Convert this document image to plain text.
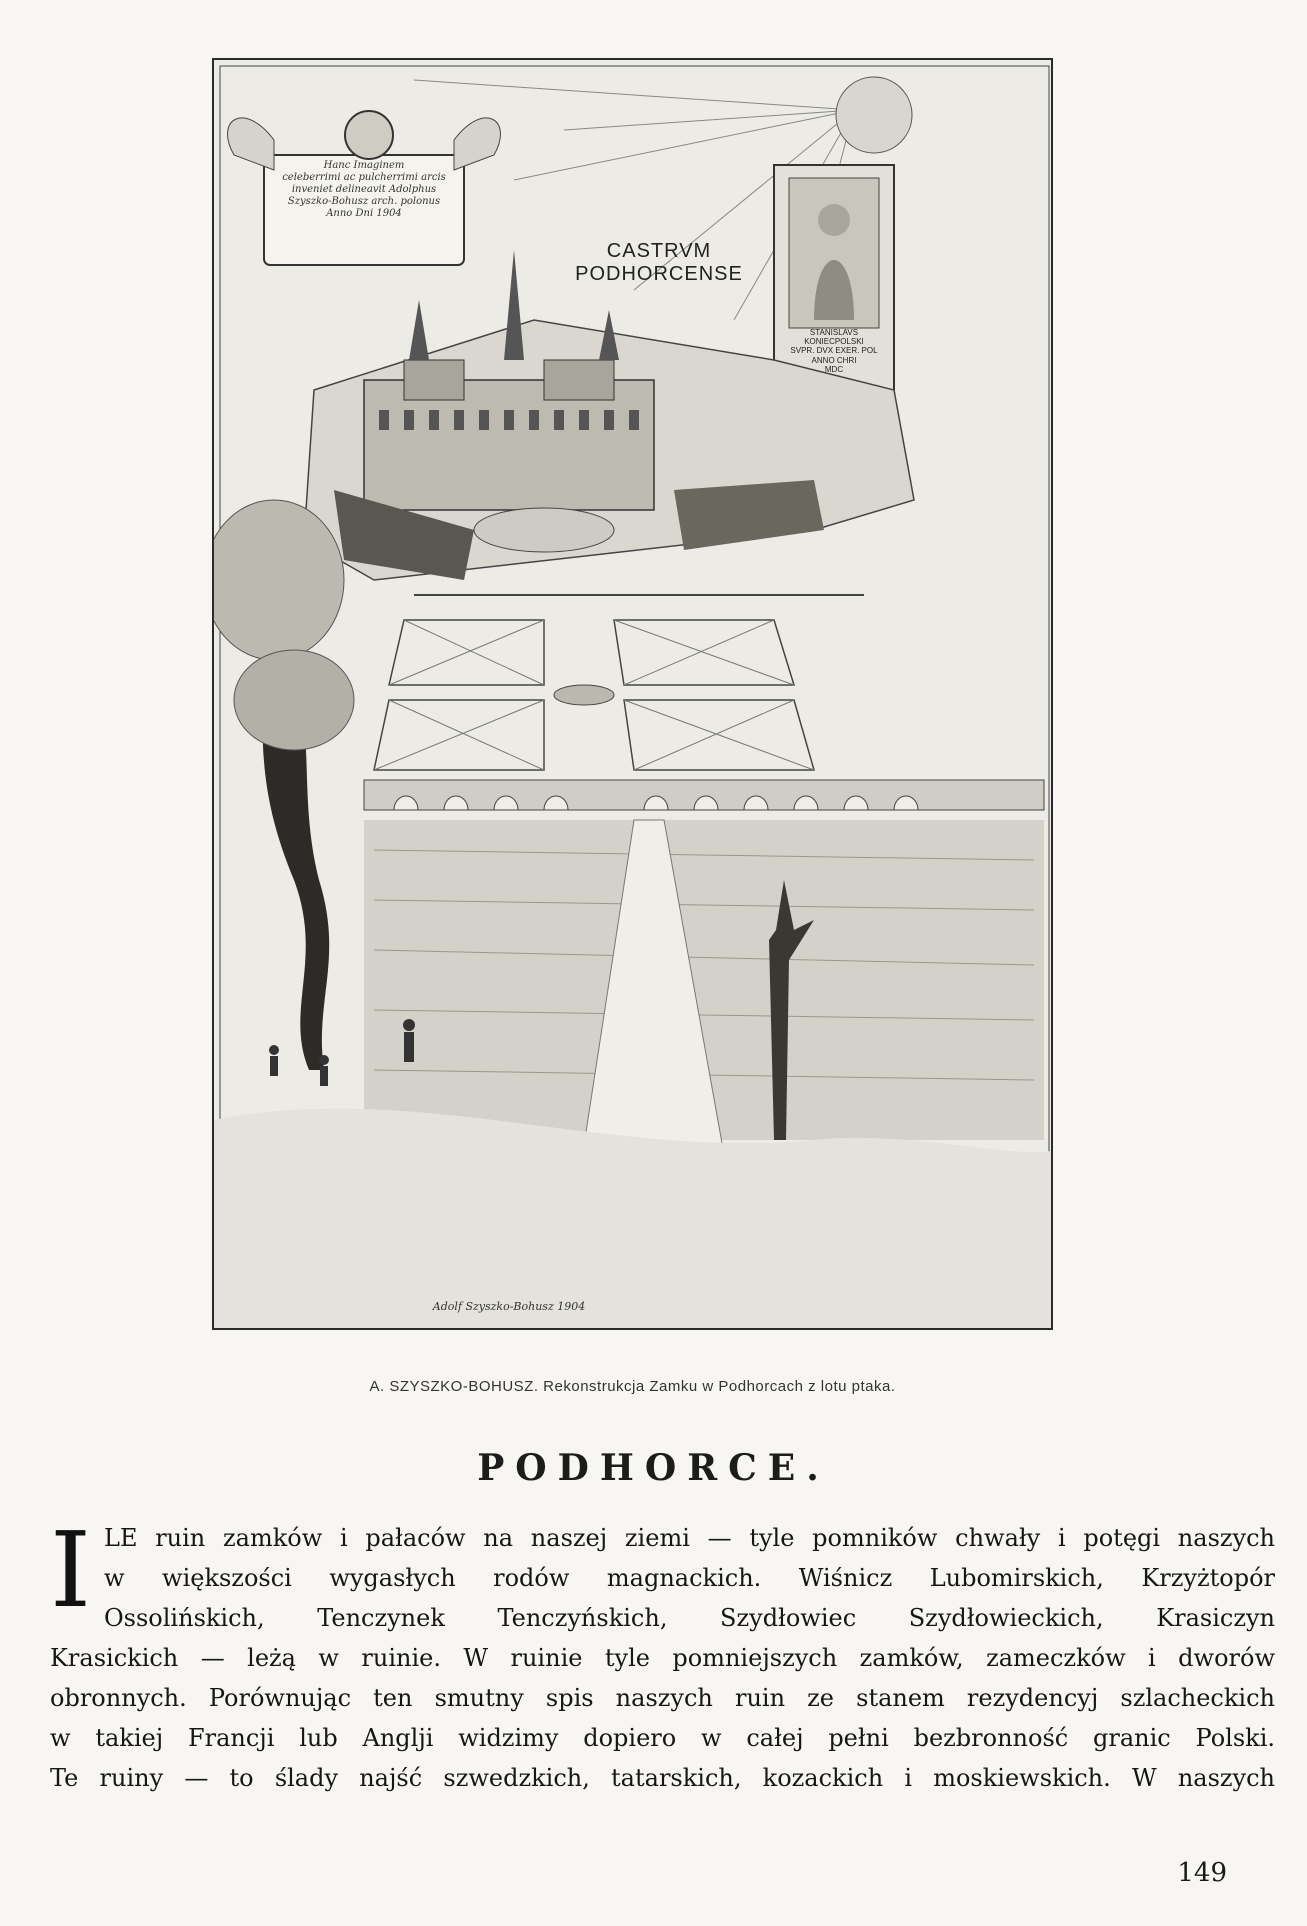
Hanc Imaginem
celeberrimi ac pulcherrimi arcis
inveniet delineavit Adolphus
Szyszko-Bohusz arch. polonus
Anno Dni 1904
CASTRVM
PODHORCENSE
STANISLAVS
KONIECPOLSKI
SVPR. DVX EXER. POL
ANNO CHRI
MDC
Adolf Szyszko-Bohusz 1904
A. SZYSZKO-BOHUSZ. Rekonstrukcja Zamku w Podhorcach z lotu ptaka.
PODHORCE.
I LE ruin zamków i pałaców na naszej ziemi — tyle pomników chwały i potęgi naszych
w większości wygasłych rodów magnackich. Wiśnicz Lubomirskich, Krzyżtopór
Ossolińskich, Tenczynek Tenczyńskich, Szydłowiec Szydłowieckich, Krasiczyn
Krasickich — leżą w ruinie. W ruinie tyle pomniejszych zamków, zameczków i dworów
obronnych. Porównując ten smutny spis naszych ruin ze stanem rezydencyj szlacheckich
w takiej Francji lub Anglji widzimy dopiero w całej pełni bezbronność granic Polski.
Te ruiny — to ślady najść szwedzkich, tatarskich, kozackich i moskiewskich. W naszych
149
